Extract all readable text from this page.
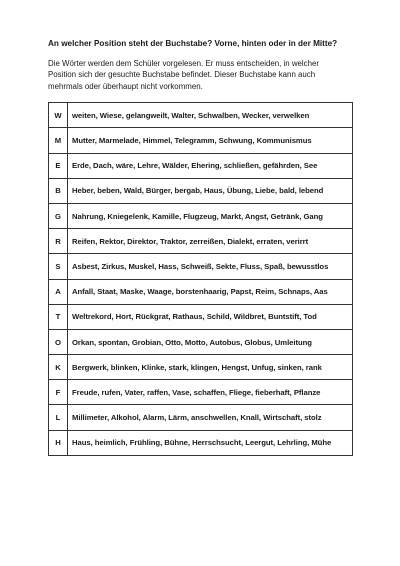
An welcher Position steht der Buchstabe? Vorne, hinten oder in der Mitte?
Die Wörter werden dem Schüler vorgelesen. Er muss entscheiden, in welcher
Position sich der gesuchte Buchstabe befindet. Dieser Buchstabe kann auch
mehrmals oder überhaupt nicht vorkommen.
W	weiten, Wiese, gelangweilt, Walter, Schwalben, Wecker, verwelken
M	Mutter, Marmelade, Himmel, Telegramm, Schwung, Kommunismus
E	Erde, Dach, wäre, Lehre, Wälder, Ehering, schließen, gefährden, See
B	Heber, beben, Wald, Bürger, bergab, Haus, Übung, Liebe, bald, lebend
G	Nahrung, Kniegelenk, Kamille, Flugzeug, Markt, Angst, Getränk, Gang
R	Reifen, Rektor, Direktor, Traktor, zerreißen, Dialekt, erraten, verirrt
S	Asbest, Zirkus, Muskel, Hass, Schweiß, Sekte, Fluss, Spaß, bewusstlos
A	Anfall, Staat, Maske, Waage, borstenhaarig, Papst, Reim, Schnaps, Aas
T	Weltrekord, Hort, Rückgrat, Rathaus, Schild, Wildbret, Buntstift, Tod
O	Orkan, spontan, Grobian, Otto, Motto, Autobus, Globus, Umleitung
K	Bergwerk, blinken, Klinke, stark, klingen, Hengst, Unfug, sinken, rank
F	Freude, rufen, Vater, raffen, Vase, schaffen, Fliege, fieberhaft, Pflanze
L	Millimeter, Alkohol, Alarm, Lärm, anschwellen, Knall, Wirtschaft, stolz
H	Haus, heimlich, Frühling, Bühne, Herrschsucht, Leergut, Lehrling, Mühe
